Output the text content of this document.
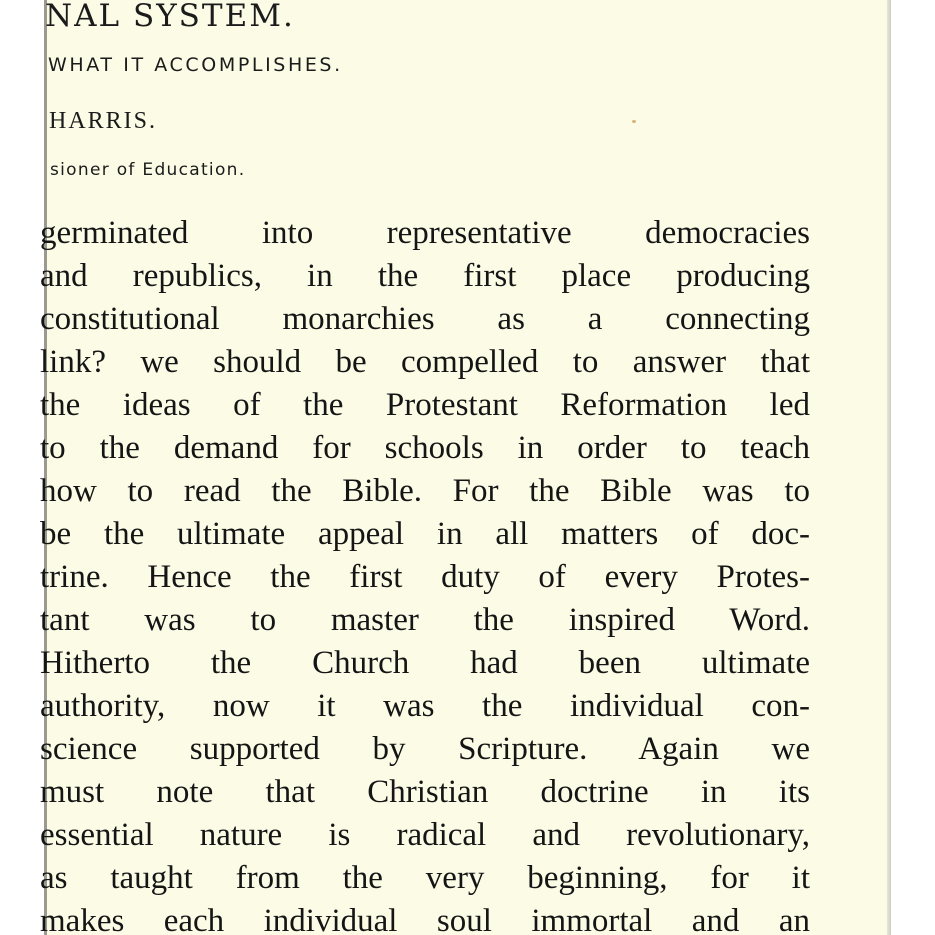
NAL SYSTEM.
WHAT IT ACCOMPLISHES.
HARRIS.
sioner of Education.
germinated into representative democracies
and republics, in the first place producing
constitutional monarchies as a connecting
link? we should be compelled to answer that
the ideas of the Protestant Reformation led
to the demand for schools in order to teach
how to read the Bible. For the Bible was to
be the ultimate appeal in all matters of doc-
trine. Hence the first duty of every Protes-
tant was to master the inspired Word.
Hitherto the Church had been ultimate
authority, now it was the individual con-
science supported by Scripture. Again we
must note that Christian doctrine in its
essential nature is radical and revolutionary,
as taught from the very beginning, for it
makes each individual soul immortal and an
